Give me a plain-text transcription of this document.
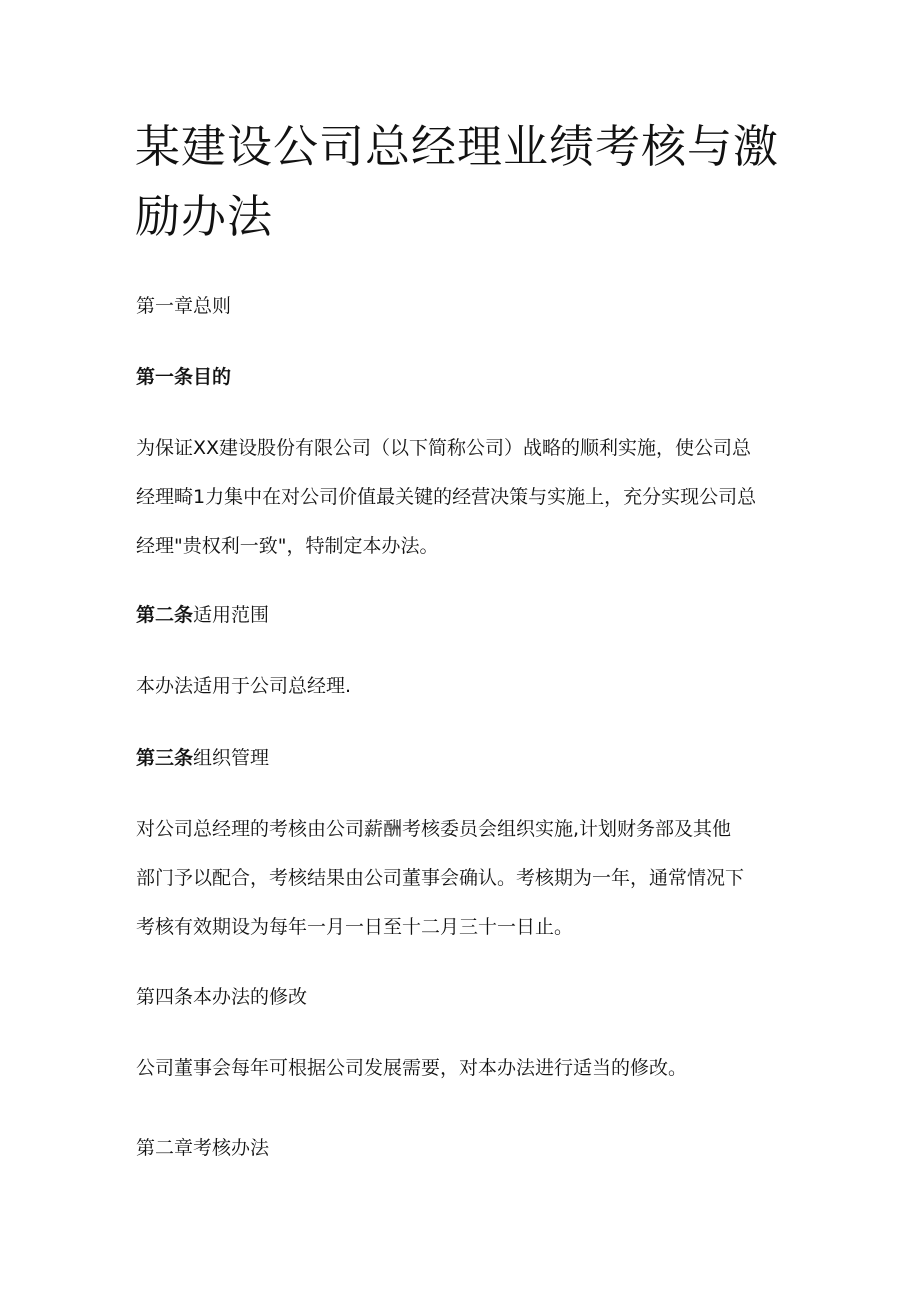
某建设公司总经理业绩考核与激励办法

第一章总则

第一条目的

为保证XX建设股份有限公司（以下简称公司）战略的顺利实施，使公司总

经理畸1力集中在对公司价值最关键的经营决策与实施上，充分实现公司总

经理"贵权利一致"，特制定本办法。

第二条适用范围

本办法适用于公司总经理.

第三条组织管理

对公司总经理的考核由公司薪酬考核委员会组织实施,计划财务部及其他

部门予以配合，考核结果由公司董事会确认。考核期为一年，通常情况下

考核有效期设为每年一月一日至十二月三十一日止。

第四条本办法的修改

公司董事会每年可根据公司发展需要，对本办法进行适当的修改。

第二章考核办法
